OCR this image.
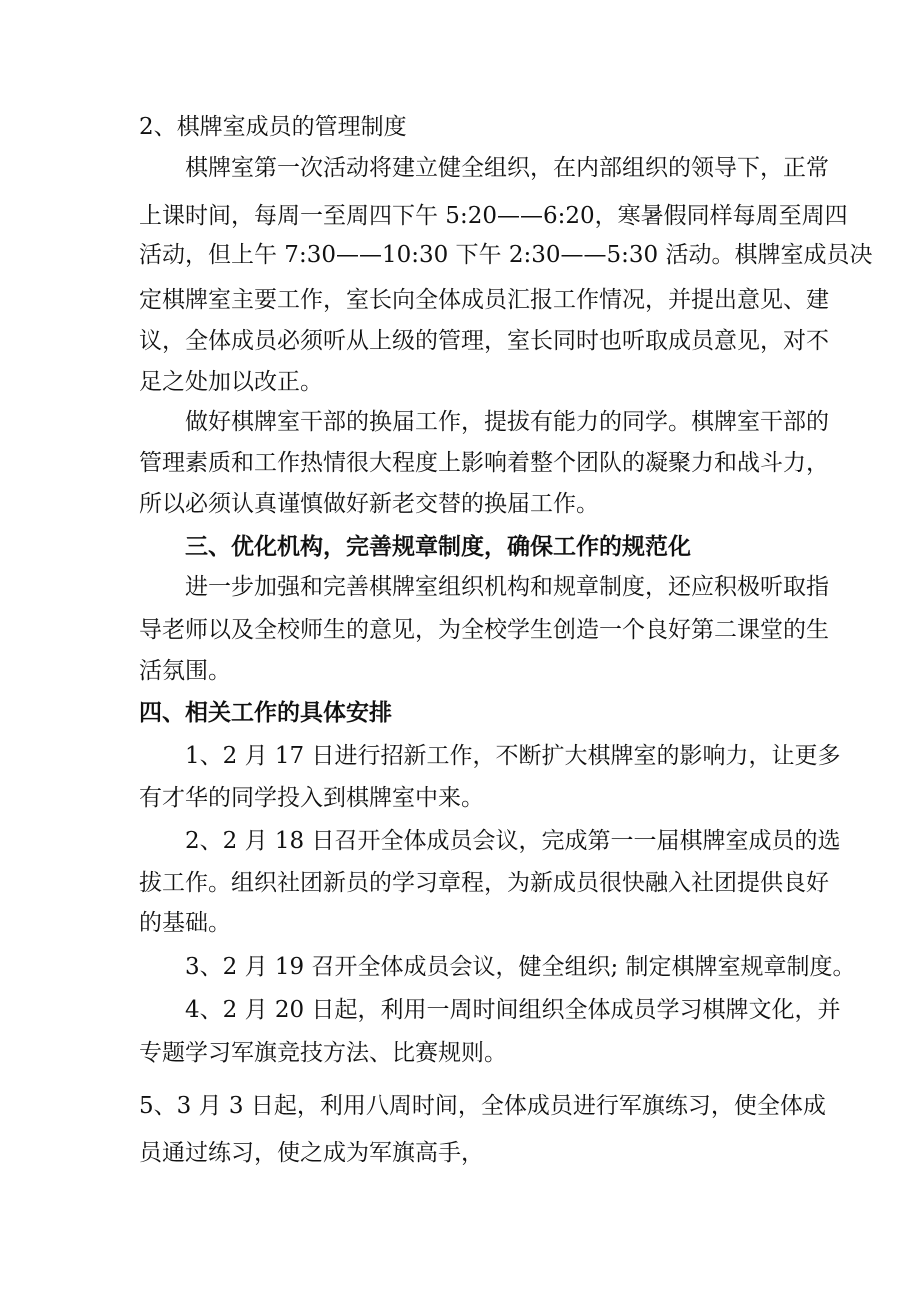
2、棋牌室成员的管理制度
棋牌室第一次活动将建立健全组织，在内部组织的领导下，正常
上课时间，每周一至周四下午 5:20——6:20，寒暑假同样每周至周四
活动，但上午 7:30——10:30 下午 2:30——5:30 活动。棋牌室成员决
定棋牌室主要工作，室长向全体成员汇报工作情况，并提出意见、建
议，全体成员必须听从上级的管理，室长同时也听取成员意见，对不
足之处加以改正。
做好棋牌室干部的换届工作，提拔有能力的同学。棋牌室干部的
管理素质和工作热情很大程度上影响着整个团队的凝聚力和战斗力，
所以必须认真谨慎做好新老交替的换届工作。
三、优化机构，完善规章制度，确保工作的规范化
进一步加强和完善棋牌室组织机构和规章制度，还应积极听取指
导老师以及全校师生的意见，为全校学生创造一个良好第二课堂的生
活氛围。
四、相关工作的具体安排
1、2 月 17 日进行招新工作，不断扩大棋牌室的影响力，让更多
有才华的同学投入到棋牌室中来。
2、2 月 18 日召开全体成员会议，完成第一一届棋牌室成员的选
拔工作。组织社团新员的学习章程，为新成员很快融入社团提供良好
的基础。
3、2 月 19 召开全体成员会议，健全组织; 制定棋牌室规章制度。
4、2 月 20 日起，利用一周时间组织全体成员学习棋牌文化，并
专题学习军旗竞技方法、比赛规则。
5、3 月 3 日起，利用八周时间，全体成员进行军旗练习，使全体成
员通过练习，使之成为军旗高手，
